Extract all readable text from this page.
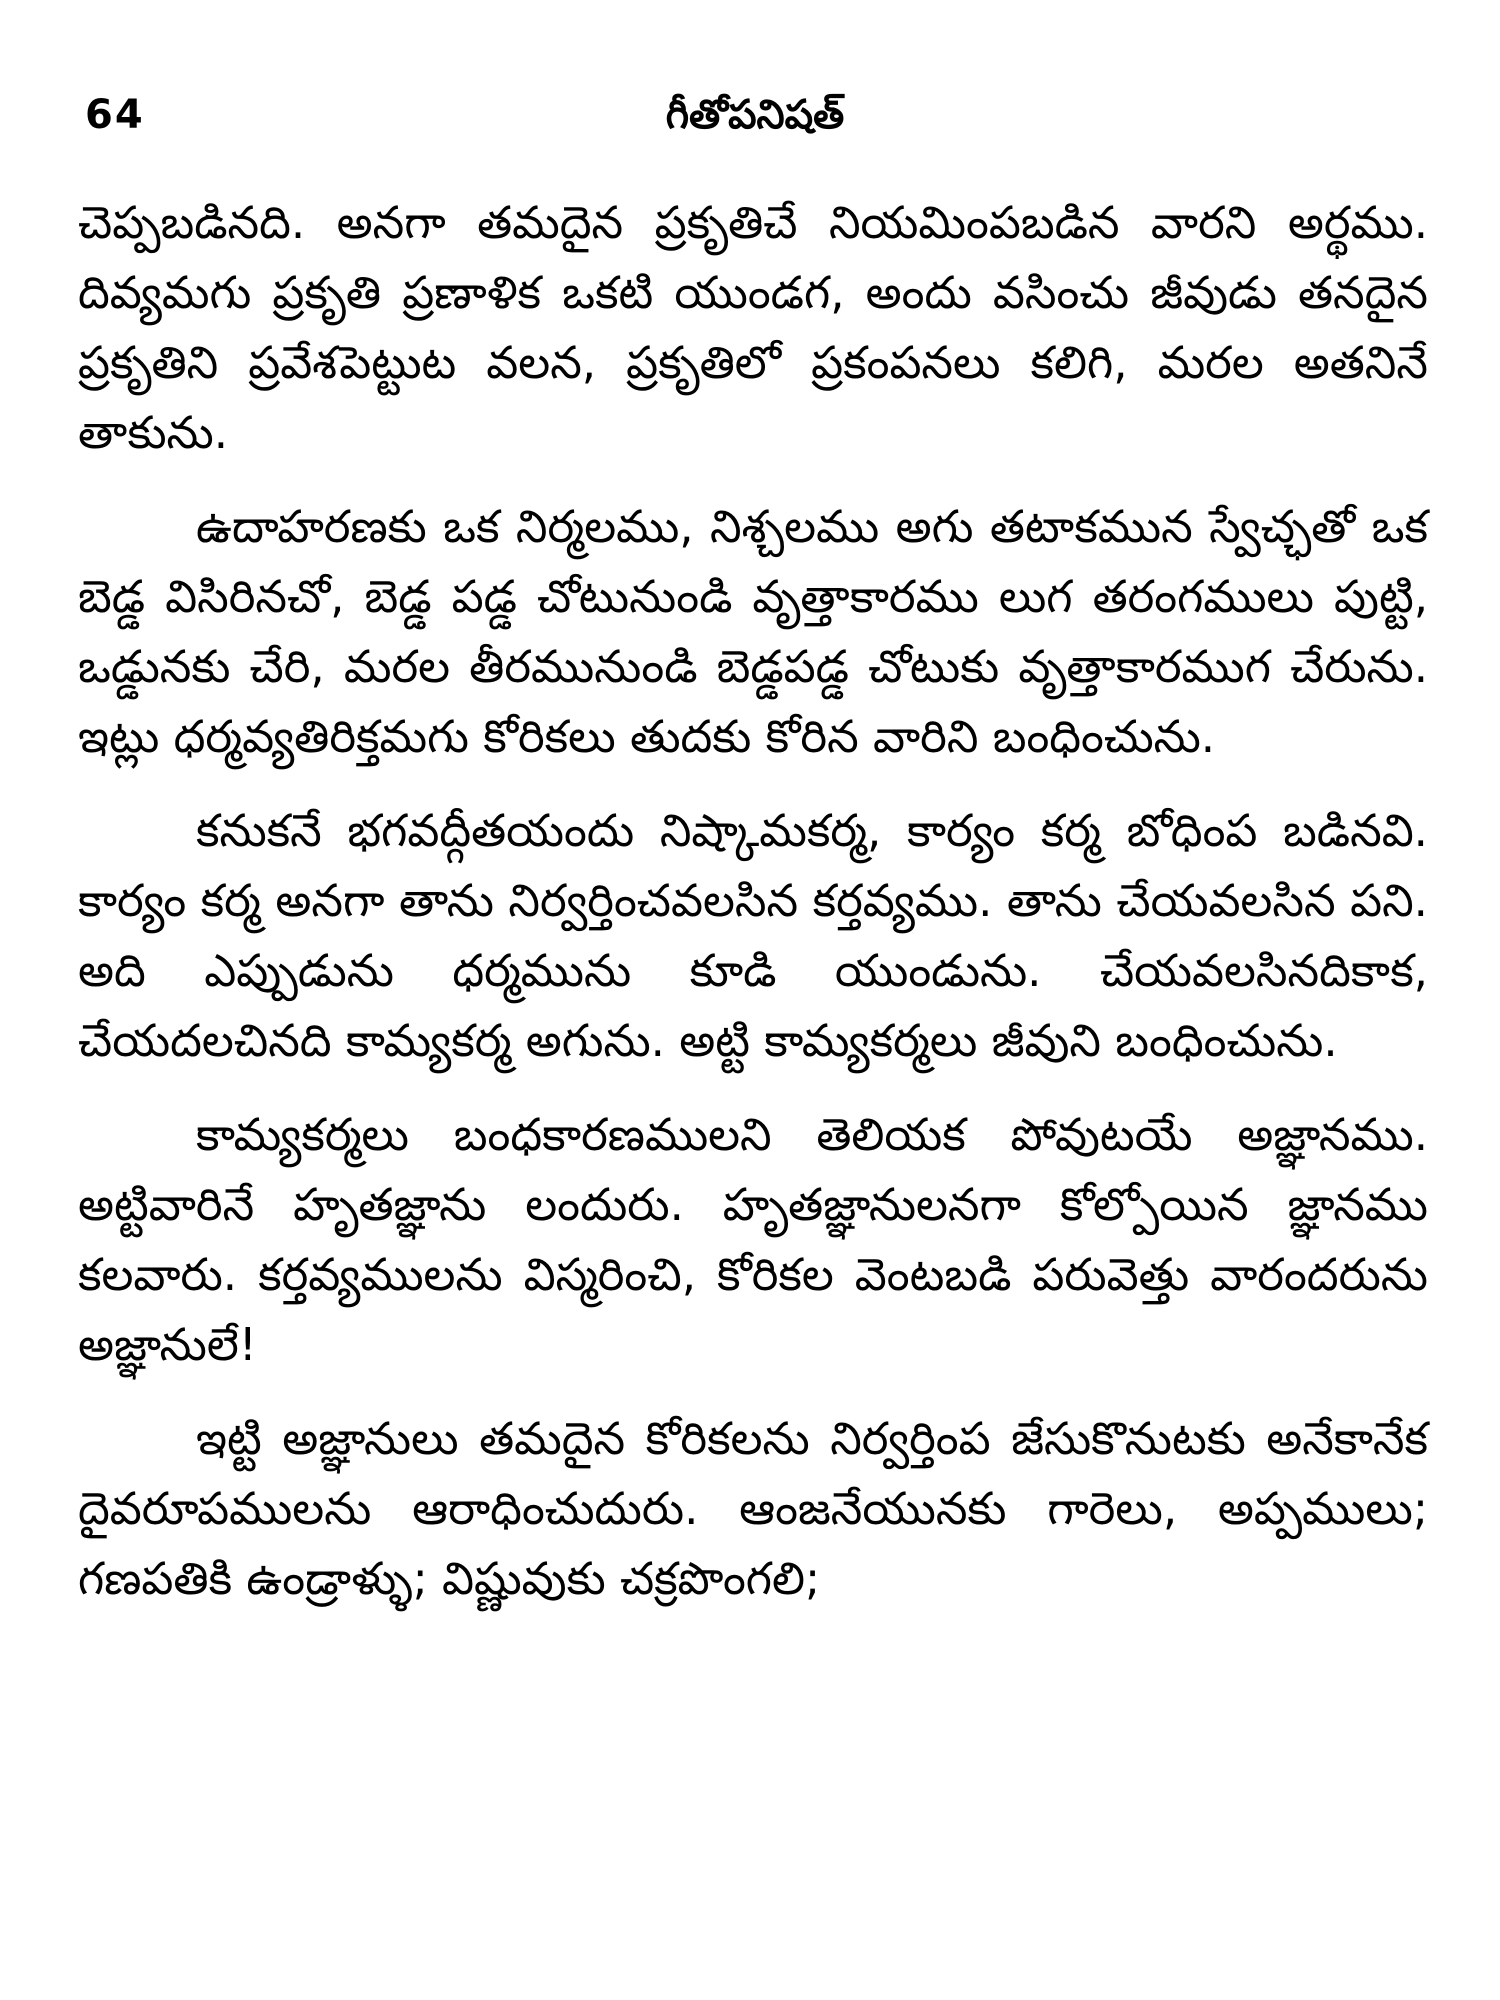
64	గీతోపనిషత్

చెప్పబడినది. అనగా తమదైన ప్రకృతిచే నియమింపబడిన వారని అర్థము. దివ్యమగు ప్రకృతి ప్రణాళిక ఒకటి యుండగ, అందు వసించు జీవుడు తనదైన ప్రకృతిని ప్రవేశపెట్టుట వలన, ప్రకృతిలో ప్రకంపనలు కలిగి, మరల అతనినే తాకును.

ఉదాహరణకు ఒక నిర్మలము, నిశ్చలము అగు తటాకమున స్వేచ్ఛతో ఒక బెడ్డ విసిరినచో, బెడ్డ పడ్డ చోటునుండి వృత్తాకారము లుగ తరంగములు పుట్టి, ఒడ్డునకు చేరి, మరల తీరమునుండి బెడ్డపడ్డ చోటుకు వృత్తాకారముగ చేరును. ఇట్లు ధర్మవ్యతిరిక్తమగు కోరికలు తుదకు కోరిన వారిని బంధించును.

కనుకనే భగవద్గీతయందు నిష్కామకర్మ, కార్యం కర్మ బోధింప బడినవి. కార్యం కర్మ అనగా తాను నిర్వర్తించవలసిన కర్తవ్యము. తాను చేయవలసిన పని. అది ఎప్పుడును ధర్మమును కూడి యుండును. చేయవలసినదికాక, చేయదలచినది కామ్యకర్మ అగును. అట్టి కామ్యకర్మలు జీవుని బంధించును.

కామ్యకర్మలు బంధకారణములని తెలియక పోవుటయే అజ్ఞానము. అట్టివారినే హృతజ్ఞాను లందురు. హృతజ్ఞానులనగా కోల్పోయిన జ్ఞానము కలవారు. కర్తవ్యములను విస్మరించి, కోరికల వెంటబడి పరువెత్తు వారందరును అజ్ఞానులే!

ఇట్టి అజ్ఞానులు తమదైన కోరికలను నిర్వర్తింప జేసుకొనుటకు అనేకానేక దైవరూపములను ఆరాధించుదురు. ఆంజనేయునకు గారెలు, అప్పములు; గణపతికి ఉండ్రాళ్ళు; విష్ణువుకు చక్రపొంగలి;
